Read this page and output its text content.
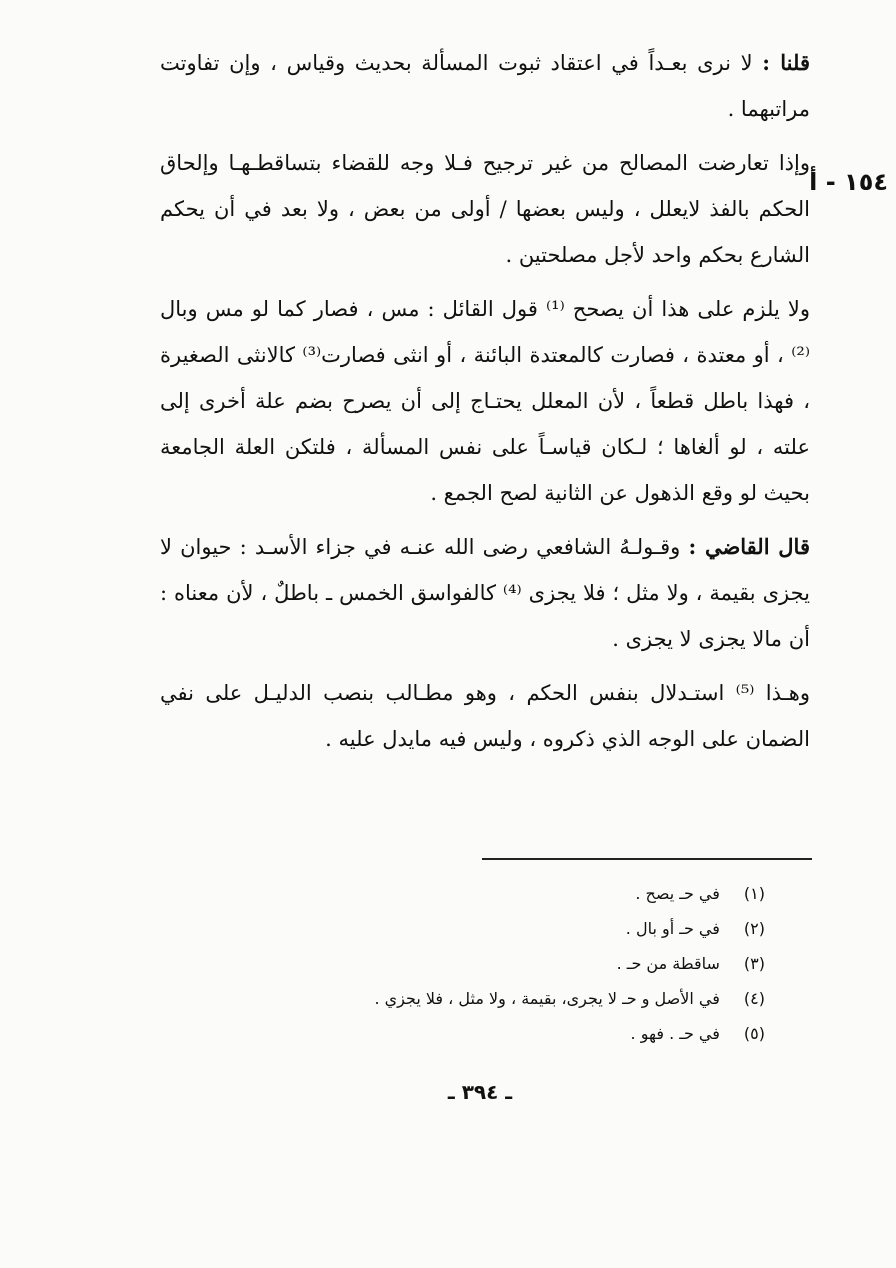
١٥٤ - أ

قلنا : لا نرى بعـداً في اعتقاد ثبوت المسألة بحديث وقياس ، وإن تفاوتت مراتبهما .

وإذا تعارضت المصالح من غير ترجيح فـلا وجه للقضاء بتساقطـهـا وإلحاق الحكم بالفذ لايعلل ، وليس بعضها / أولى من بعض ، ولا بعد في أن يحكم الشارع بحكم واحد لأجل مصلحتين .

ولا يلزم على هذا أن يصحح ⁽¹⁾ قول القائل : مس ، فصار كما لو مس وبال ⁽²⁾ ، أو معتدة ، فصارت كالمعتدة البائنة ، أو انثى فصارت⁽³⁾ كالانثى الصغيرة ، فهذا باطل قطعاً ، لأن المعلل يحتـاج إلى أن يصرح بضم علة أخرى إلى علته ، لو ألغاها ؛ لـكان قياسـاً على نفس المسألة ، فلتكن العلة الجامعة بحيث لو وقع الذهول عن الثانية لصح الجمع .

قال القاضي : وقـولـهُ الشافعي رضى الله عنـه في جزاء الأسـد : حيوان لا يجزى بقيمة ، ولا مثل ؛ فلا يجزى ⁽⁴⁾ كالفواسق الخمس ـ باطلٌ ، لأن معناه : أن مالا يجزى لا يجزى .

وهـذا ⁽⁵⁾ استـدلال بنفس الحكم ، وهو مطـالب بنصب الدليـل على نفي الضمان على الوجه الذي ذكروه ، وليس فيه مايدل عليه .

(١) في حـ يصح .
(٢) في حـ أو بال .
(٣) ساقطة من حـ .
(٤) في الأصل و حـ لا يجرى، بقيمة ، ولا مثل ، فلا يجزي .
(٥) في حـ . فهو .
ـ ٣٩٤ ـ
